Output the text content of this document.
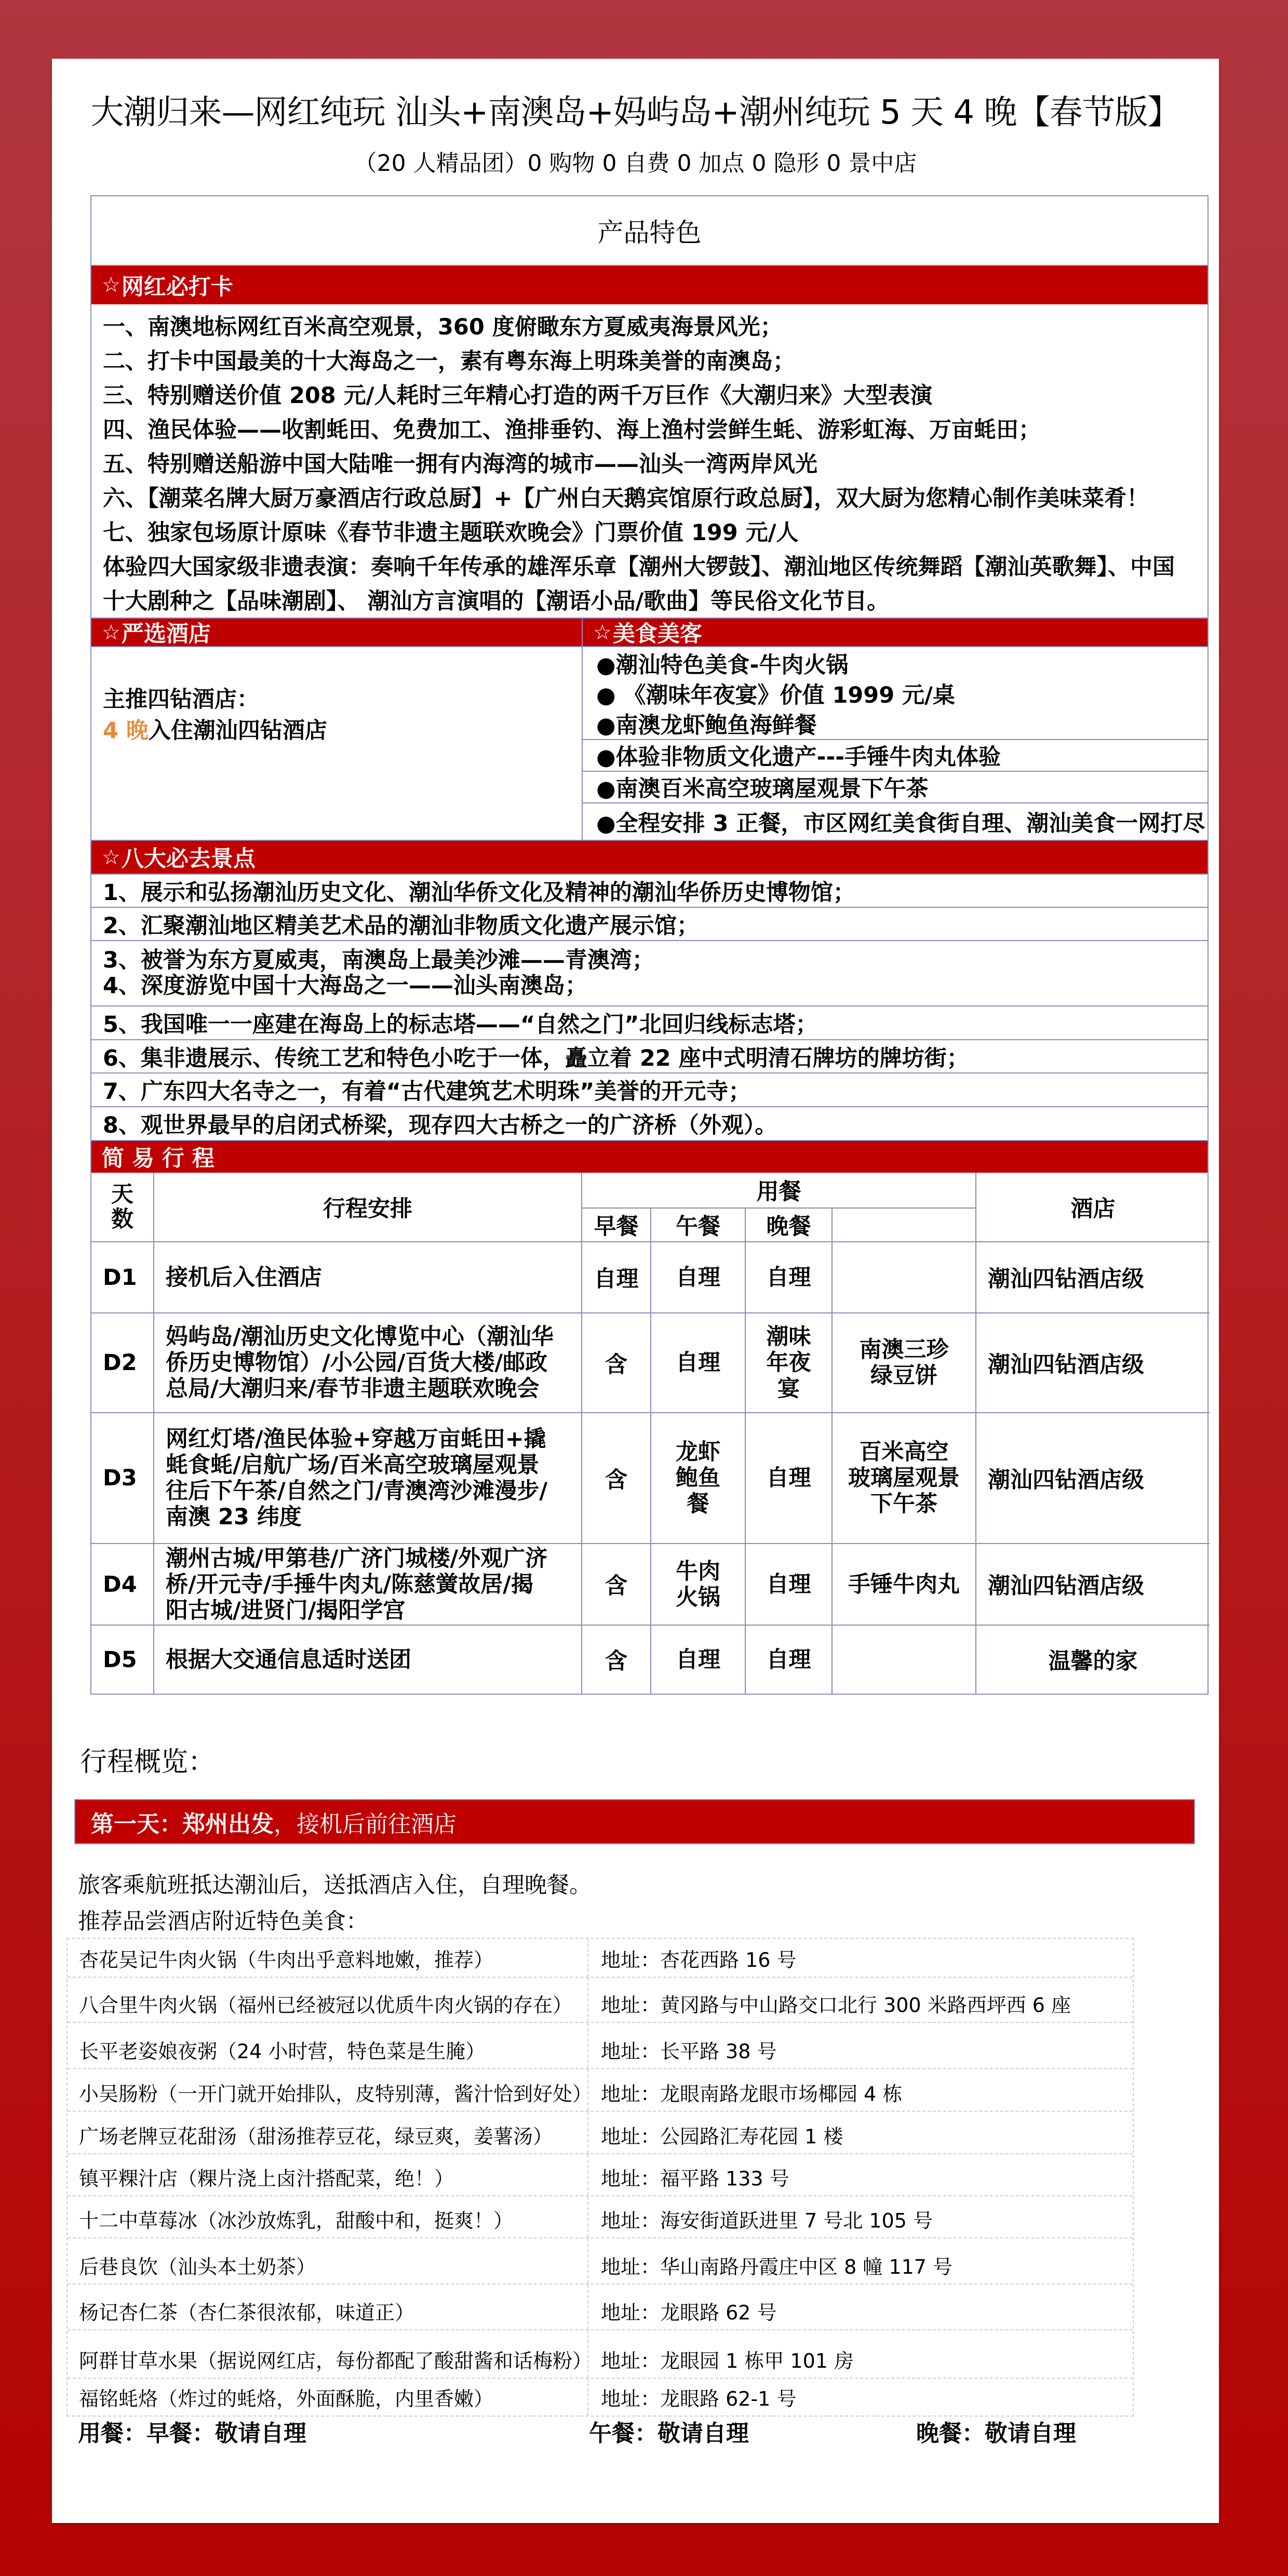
大潮归来—网红纯玩 汕头+南澳岛+妈屿岛+潮州纯玩 5 天 4 晚【春节版】
（20 人精品团）0 购物 0 自费 0 加点 0 隐形 0 景中店
产品特色
☆ 网红必打卡
一、南澳地标网红百米高空观景，360 度俯瞰东方夏威夷海景风光；
二、打卡中国最美的十大海岛之一，素有粤东海上明珠美誉的南澳岛；
三、特别赠送价值 208 元/人耗时三年精心打造的两千万巨作《大潮归来》大型表演
四、渔民体验——收割蚝田、免费加工、渔排垂钓、海上渔村尝鲜生蚝、游彩虹海、万亩蚝田；
五、特别赠送船游中国大陆唯一拥有内海湾的城市——汕头一湾两岸风光
六、【潮菜名牌大厨万豪酒店行政总厨】+【广州白天鹅宾馆原行政总厨】，双大厨为您精心制作美味菜肴！
七、独家包场原计原味《春节非遗主题联欢晚会》门票价值 199 元/人
体验四大国家级非遗表演：奏响千年传承的雄浑乐章【潮州大锣鼓】、潮汕地区传统舞蹈【潮汕英歌舞】、中国
十大剧种之【品味潮剧】、 潮汕方言演唱的【潮语小品/歌曲】等民俗文化节目。
☆ 严选酒店	☆ 美食美客
主推四钻酒店：
4 晚入住潮汕四钻酒店
●潮汕特色美食-牛肉火锅
● 《潮味年夜宴》价值 1999 元/桌
●南澳龙虾鲍鱼海鲜餐
●体验非物质文化遗产---手锤牛肉丸体验
●南澳百米高空玻璃屋观景下午茶
●全程安排 3 正餐，市区网红美食街自理、潮汕美食一网打尽
☆ 八大必去景点
1、展示和弘扬潮汕历史文化、潮汕华侨文化及精神的潮汕华侨历史博物馆；
2、汇聚潮汕地区精美艺术品的潮汕非物质文化遗产展示馆；
3、被誉为东方夏威夷，南澳岛上最美沙滩——青澳湾；
4、深度游览中国十大海岛之一——汕头南澳岛；
5、我国唯一一座建在海岛上的标志塔——“自然之门”北回归线标志塔；
6、集非遗展示、传统工艺和特色小吃于一体，矗立着 22 座中式明清石牌坊的牌坊街；
7、广东四大名寺之一，有着“古代建筑艺术明珠”美誉的开元寺；
8、观世界最早的启闭式桥梁，现存四大古桥之一的广济桥（外观）。
简 易 行 程
天
数	行程安排	用餐				酒店
		早餐	午餐	晚餐		
D1	接机后入住酒店	自理	自理	自理		潮汕四钻酒店级
D2	妈屿岛/潮汕历史文化博览中心（潮汕华
侨历史博物馆）/小公园/百货大楼/邮政
总局/大潮归来/春节非遗主题联欢晚会	含	自理	潮味
年夜
宴	南澳三珍
绿豆饼	潮汕四钻酒店级
D3	网红灯塔/渔民体验+穿越万亩蚝田+撬
蚝食蚝/启航广场/百米高空玻璃屋观景
往后下午茶/自然之门/青澳湾沙滩漫步/
南澳 23 纬度	含	龙虾
鲍鱼
餐	自理	百米高空
玻璃屋观景
下午茶	潮汕四钻酒店级
D4	潮州古城/甲第巷/广济门城楼/外观广济
桥/开元寺/手捶牛肉丸/陈慈黉故居/揭
阳古城/进贤门/揭阳学宫	含	牛肉
火锅	自理	手锤牛肉丸	潮汕四钻酒店级
D5	根据大交通信息适时送团	含	自理	自理		温馨的家
行程概览：
第一天：郑州出发 ，接机后前往酒店
旅客乘航班抵达潮汕后，送抵酒店入住，自理晚餐。
推荐品尝酒店附近特色美食：
杏花吴记牛肉火锅（牛肉出乎意料地嫩，推荐）	地址：杏花西路 16 号
八合里牛肉火锅（福州已经被冠以优质牛肉火锅的存在）	地址：黄冈路与中山路交口北行 300 米路西坪西 6 座
长平老姿娘夜粥（24 小时营，特色菜是生腌）	地址：长平路 38 号
小吴肠粉（一开门就开始排队，皮特别薄，酱汁恰到好处） 地址：龙眼南路龙眼市场椰园 4 栋
广场老牌豆花甜汤（甜汤推荐豆花，绿豆爽，姜薯汤）	地址：公园路汇寿花园 1 楼
镇平粿汁店（粿片浇上卤汁搭配菜，绝！）	地址：福平路 133 号
十二中草莓冰（冰沙放炼乳，甜酸中和，挺爽！）	地址：海安街道跃进里 7 号北 105 号
后巷良饮（汕头本土奶茶）	地址：华山南路丹霞庄中区 8 幢 117 号
杨记杏仁茶（杏仁茶很浓郁，味道正）	地址：龙眼路 62 号
阿群甘草水果（据说网红店，每份都配了酸甜酱和话梅粉） 地址：龙眼园 1 栋甲 101 房
福铭蚝烙（炸过的蚝烙，外面酥脆，内里香嫩）	地址：龙眼路 62-1 号
用餐：早餐：敬请自理	午餐：敬请自理	晚餐：敬请自理
